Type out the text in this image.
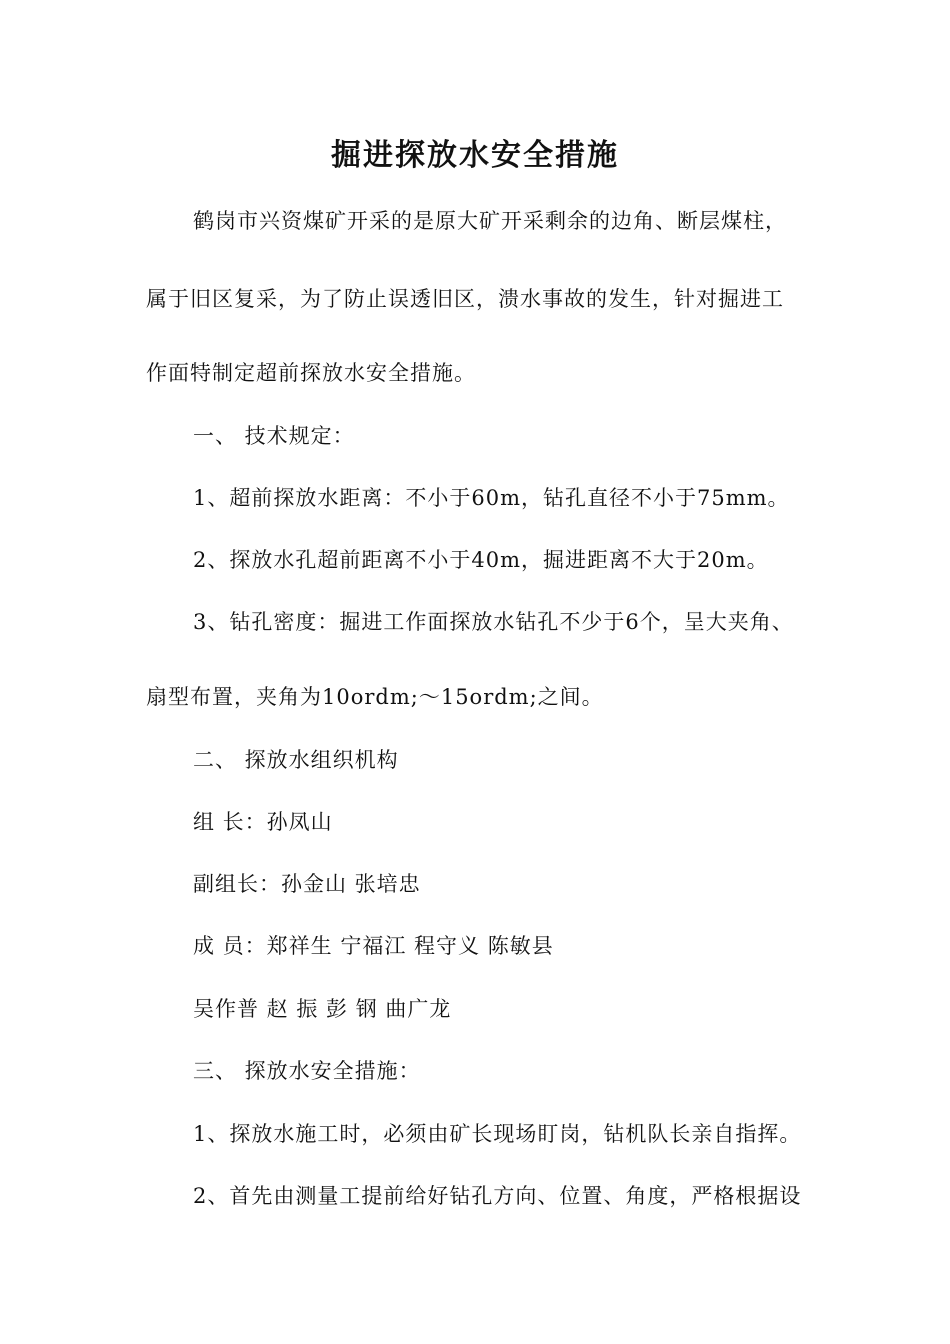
掘进探放水安全措施
鹤岗市兴资煤矿开采的是原大矿开采剩余的边角、断层煤柱，
属于旧区复采，为了防止误透旧区，溃水事故的发生，针对掘进工
作面特制定超前探放水安全措施。
一、 技术规定：
1、超前探放水距离：不小于60m，钻孔直径不小于75mm。
2、探放水孔超前距离不小于40m，掘进距离不大于20m。
3、钻孔密度：掘进工作面探放水钻孔不少于6个，呈大夹角、
扇型布置，夹角为10ordm;～15ordm;之间。
二、 探放水组织机构
组 长：孙凤山
副组长：孙金山 张培忠
成 员：郑祥生 宁福江 程守义 陈敏县
吴作普 赵 振 彭 钢 曲广龙
三、 探放水安全措施：
1、探放水施工时，必须由矿长现场盯岗，钻机队长亲自指挥。
2、首先由测量工提前给好钻孔方向、位置、角度，严格根据设
